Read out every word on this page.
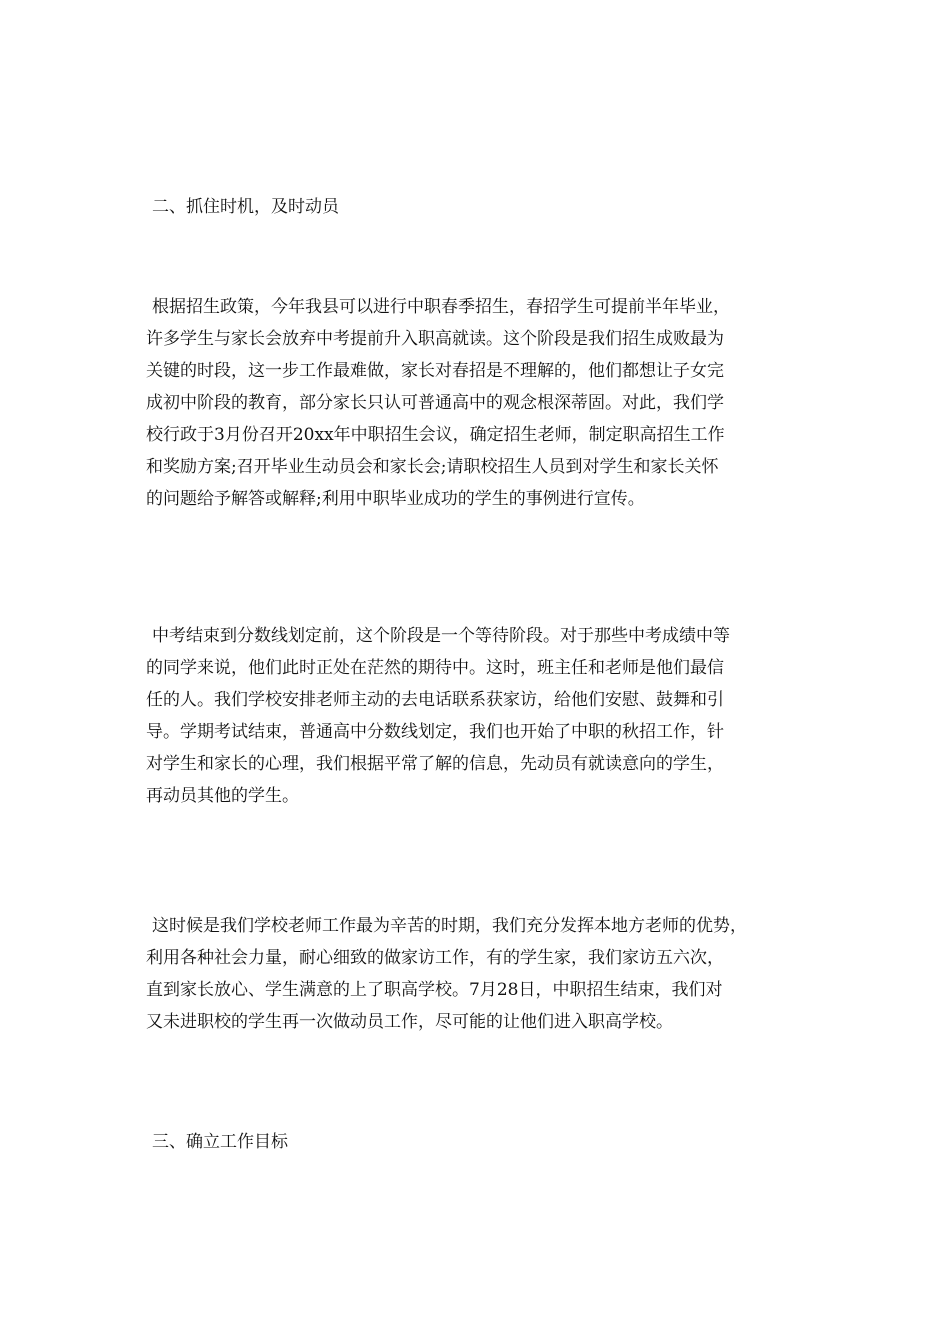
二、抓住时机，及时动员
根据招生政策，今年我县可以进行中职春季招生，春招学生可提前半年毕业，
许多学生与家长会放弃中考提前升入职高就读。这个阶段是我们招生成败最为
关键的时段，这一步工作最难做，家长对春招是不理解的，他们都想让子女完
成初中阶段的教育，部分家长只认可普通高中的观念根深蒂固。对此，我们学
校行政于3月份召开20xx年中职招生会议，确定招生老师，制定职高招生工作
和奖励方案;召开毕业生动员会和家长会;请职校招生人员到对学生和家长关怀
的问题给予解答或解释;利用中职毕业成功的学生的事例进行宣传。
中考结束到分数线划定前，这个阶段是一个等待阶段。对于那些中考成绩中等
的同学来说，他们此时正处在茫然的期待中。这时，班主任和老师是他们最信
任的人。我们学校安排老师主动的去电话联系获家访，给他们安慰、鼓舞和引
导。学期考试结束，普通高中分数线划定，我们也开始了中职的秋招工作，针
对学生和家长的心理，我们根据平常了解的信息，先动员有就读意向的学生，
再动员其他的学生。
这时候是我们学校老师工作最为辛苦的时期，我们充分发挥本地方老师的优势，
利用各种社会力量，耐心细致的做家访工作，有的学生家，我们家访五六次，
直到家长放心、学生满意的上了职高学校。7月28日，中职招生结束，我们对
又未进职校的学生再一次做动员工作，尽可能的让他们进入职高学校。
三、确立工作目标
